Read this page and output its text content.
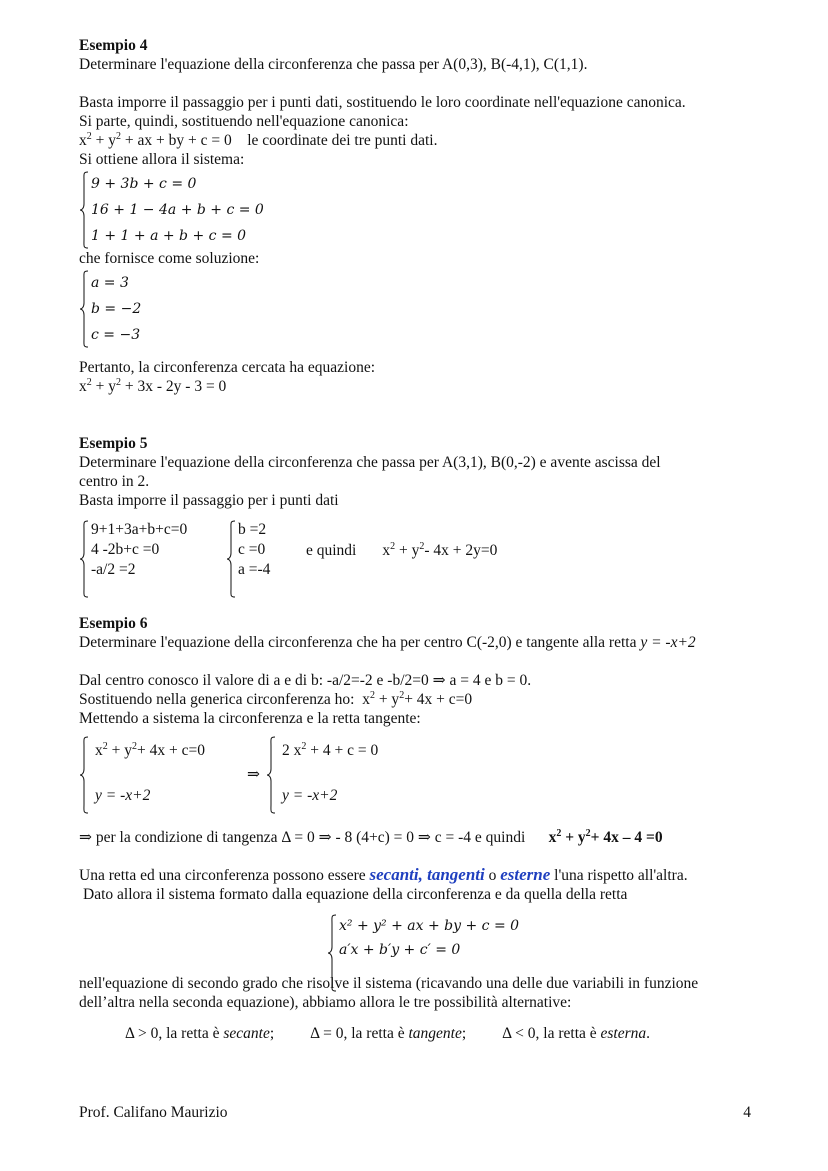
Esempio 4

Determinare l'equazione della circonferenza che passa per A(0,3), B(-4,1), C(1,1).

Basta imporre il passaggio per i punti dati, sostituendo le loro coordinate nell'equazione canonica.

Si parte, quindi, sostituendo nell'equazione canonica:

$x^2 + y^2$ + ax + by + c = 0 le coordinate dei tre punti dati.

Si ottiene allora il sistema:

9 + 3b + c = 0
16 + 1 − 4a + b + c = 0
1 + 1 + a + b + c = 0

che fornisce come soluzione:

a = 3
b = −2
c = −3

Pertanto, la circonferenza cercata ha equazione:

$x^2 + y^2 + 3x - 2y - 3 = 0$

Esempio 5

Determinare l'equazione della circonferenza che passa per A(3,1), B(0,-2) e avente ascissa del

centro in 2.

Basta imporre il passaggio per i punti dati

9+1+3a+b+c=0
4 -2b+c =0
-a/2 =2
b =2
c =0
a =-4
e quindi $x^2 + y^2-$ 4x + 2y=0

Esempio 6

Determinare l'equazione della circonferenza che ha per centro C(-2,0) e tangente alla retta y = -x+2

Dal centro conosco il valore di a e di b: -a/2=-2 e -b/2=0 ⇒ a = 4 e b = 0.

Sostituendo nella generica circonferenza ho:  $x^2 + y^2+ 4x + c=0$

Mettendo a sistema la circonferenza e la retta tangente:

$x^2 + y^2+ 4x + c=0$
y = -x+2
⇒
2 $x^2 + 4 + c = 0$
y = -x+2

⇒ per la condizione di tangenza Δ = 0 ⇒ - 8 (4+c) = 0 ⇒ c = -4 e quindi $x^2 + y^2+ 4x - 4 =0$

Una retta ed una circonferenza possono essere secanti, tangenti o esterne l'una rispetto all'altra.

Dato allora il sistema formato dalla equazione della circonferenza e da quella della retta

x² + y² + ax + by + c = 0
a′x + b′y + c′ = 0

nell'equazione di secondo grado che risolve il sistema (ricavando una delle due variabili in funzione

dell’altra nella seconda equazione), abbiamo allora le tre possibilità alternative:

Δ > 0, la retta è secante; Δ = 0, la retta è tangente; Δ < 0, la retta è esterna.
Prof. Califano Maurizio	4
